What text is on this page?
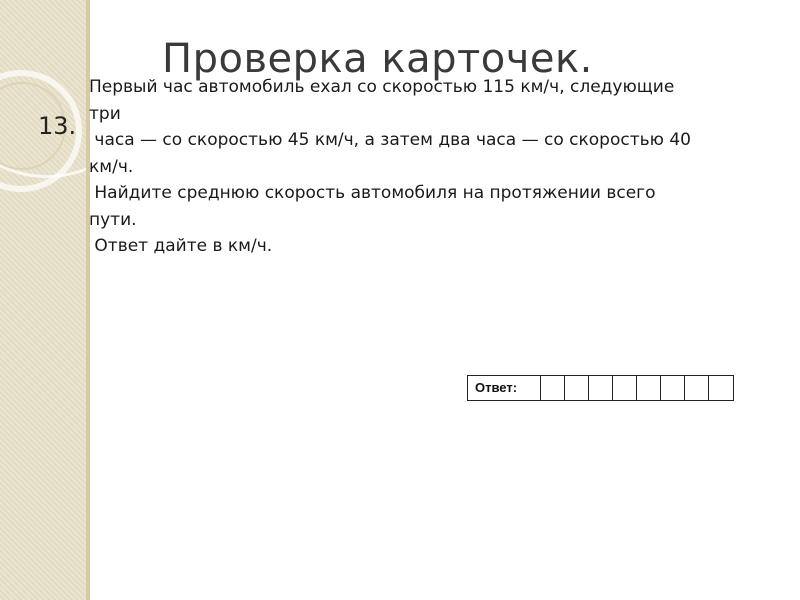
13.
Проверка карточек.
Первый час автомобиль ехал со скоростью 115 км/ч, следующие
три
часа — со скоростью 45 км/ч, а затем два часа — со скоростью 40
км/ч.
Найдите среднюю скорость автомобиля на протяжении всего
пути.
Ответ дайте в км/ч.
Ответ:
